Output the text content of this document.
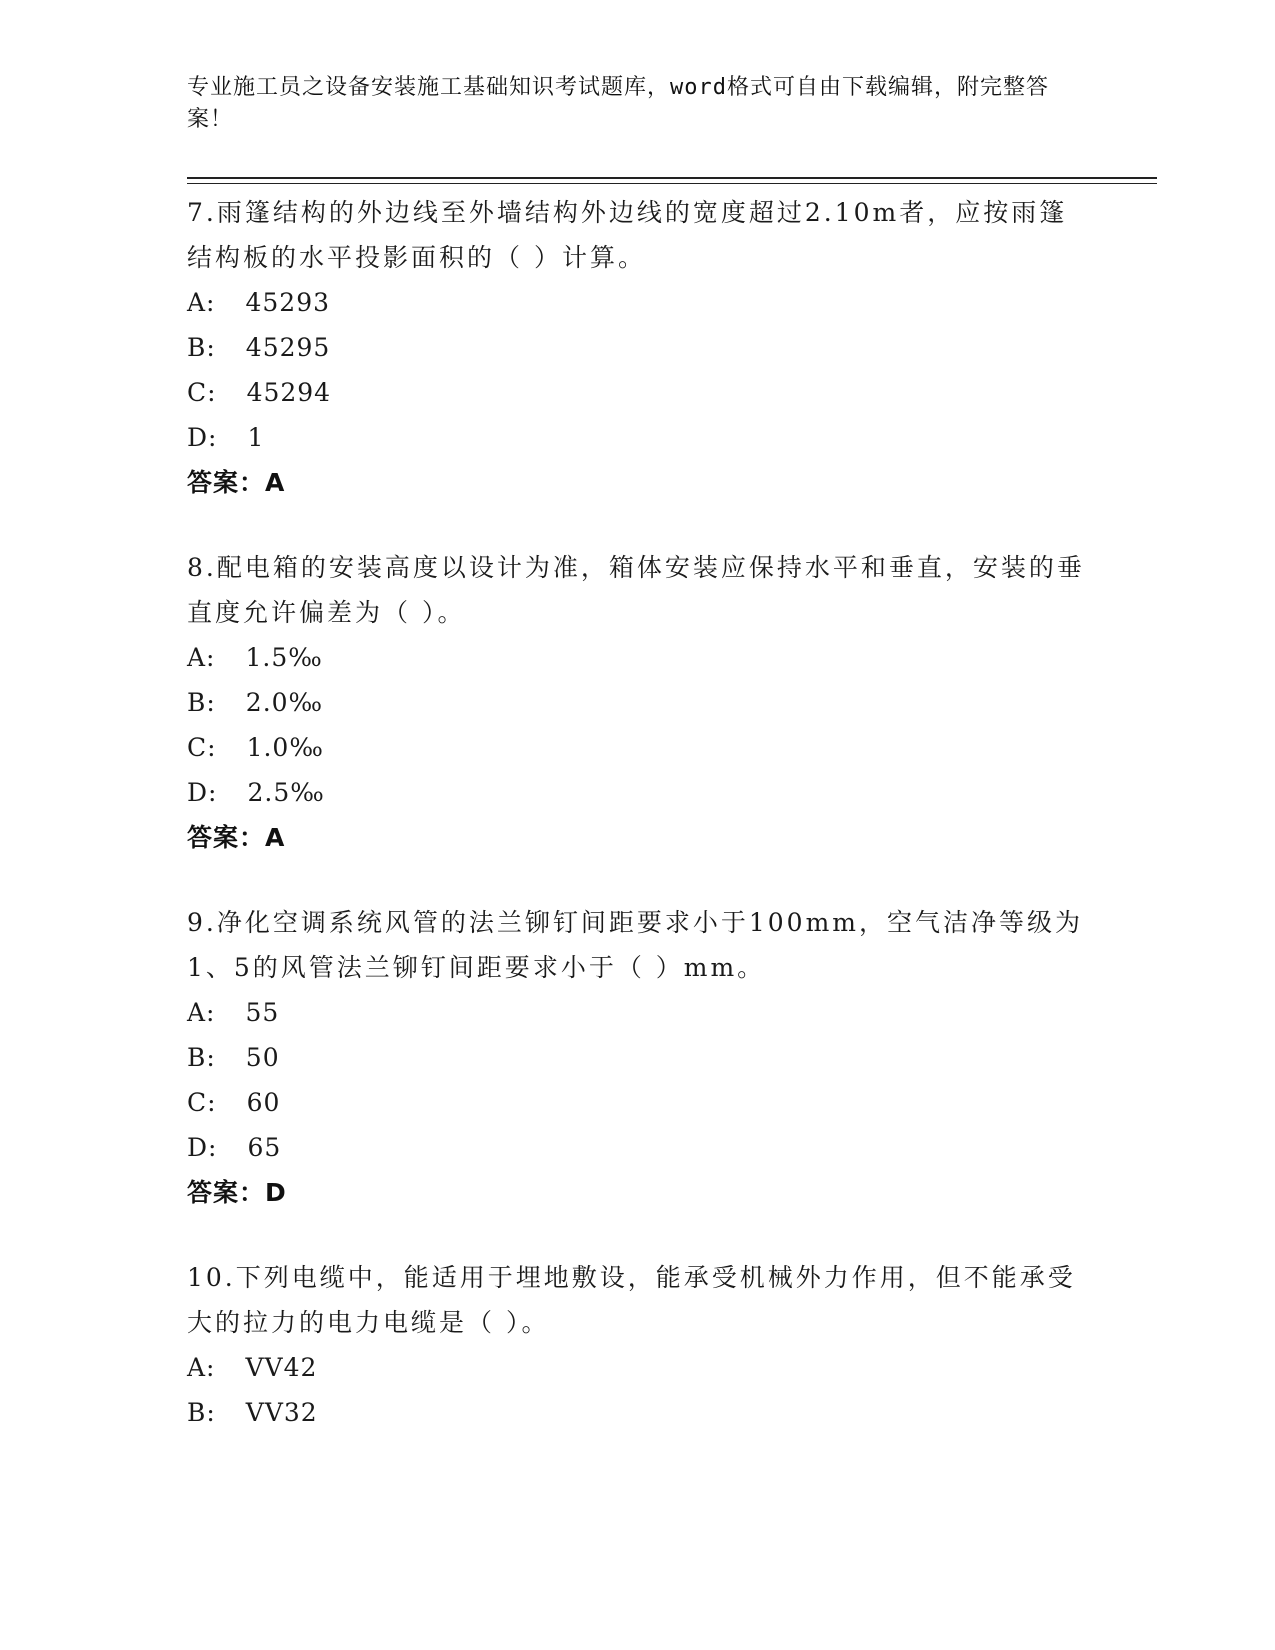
专业施工员之设备安装施工基础知识考试题库，word格式可自由下载编辑，附完整答案！

7.雨篷结构的外边线至外墙结构外边线的宽度超过2.10m者，应按雨篷结构板的水平投影面积的（ ）计算。

A: 45293
B: 45295
C: 45294
D: 1
答案：A

8.配电箱的安装高度以设计为准，箱体安装应保持水平和垂直，安装的垂直度允许偏差为（ ）。

A: 1.5‰
B: 2.0‰
C: 1.0‰
D: 2.5‰
答案：A

9.净化空调系统风管的法兰铆钉间距要求小于100mm，空气洁净等级为1、5的风管法兰铆钉间距要求小于（ ）mm。

A: 55
B: 50
C: 60
D: 65
答案：D

10.下列电缆中，能适用于埋地敷设，能承受机械外力作用，但不能承受大的拉力的电力电缆是（ ）。

A: VV42
B: VV32
